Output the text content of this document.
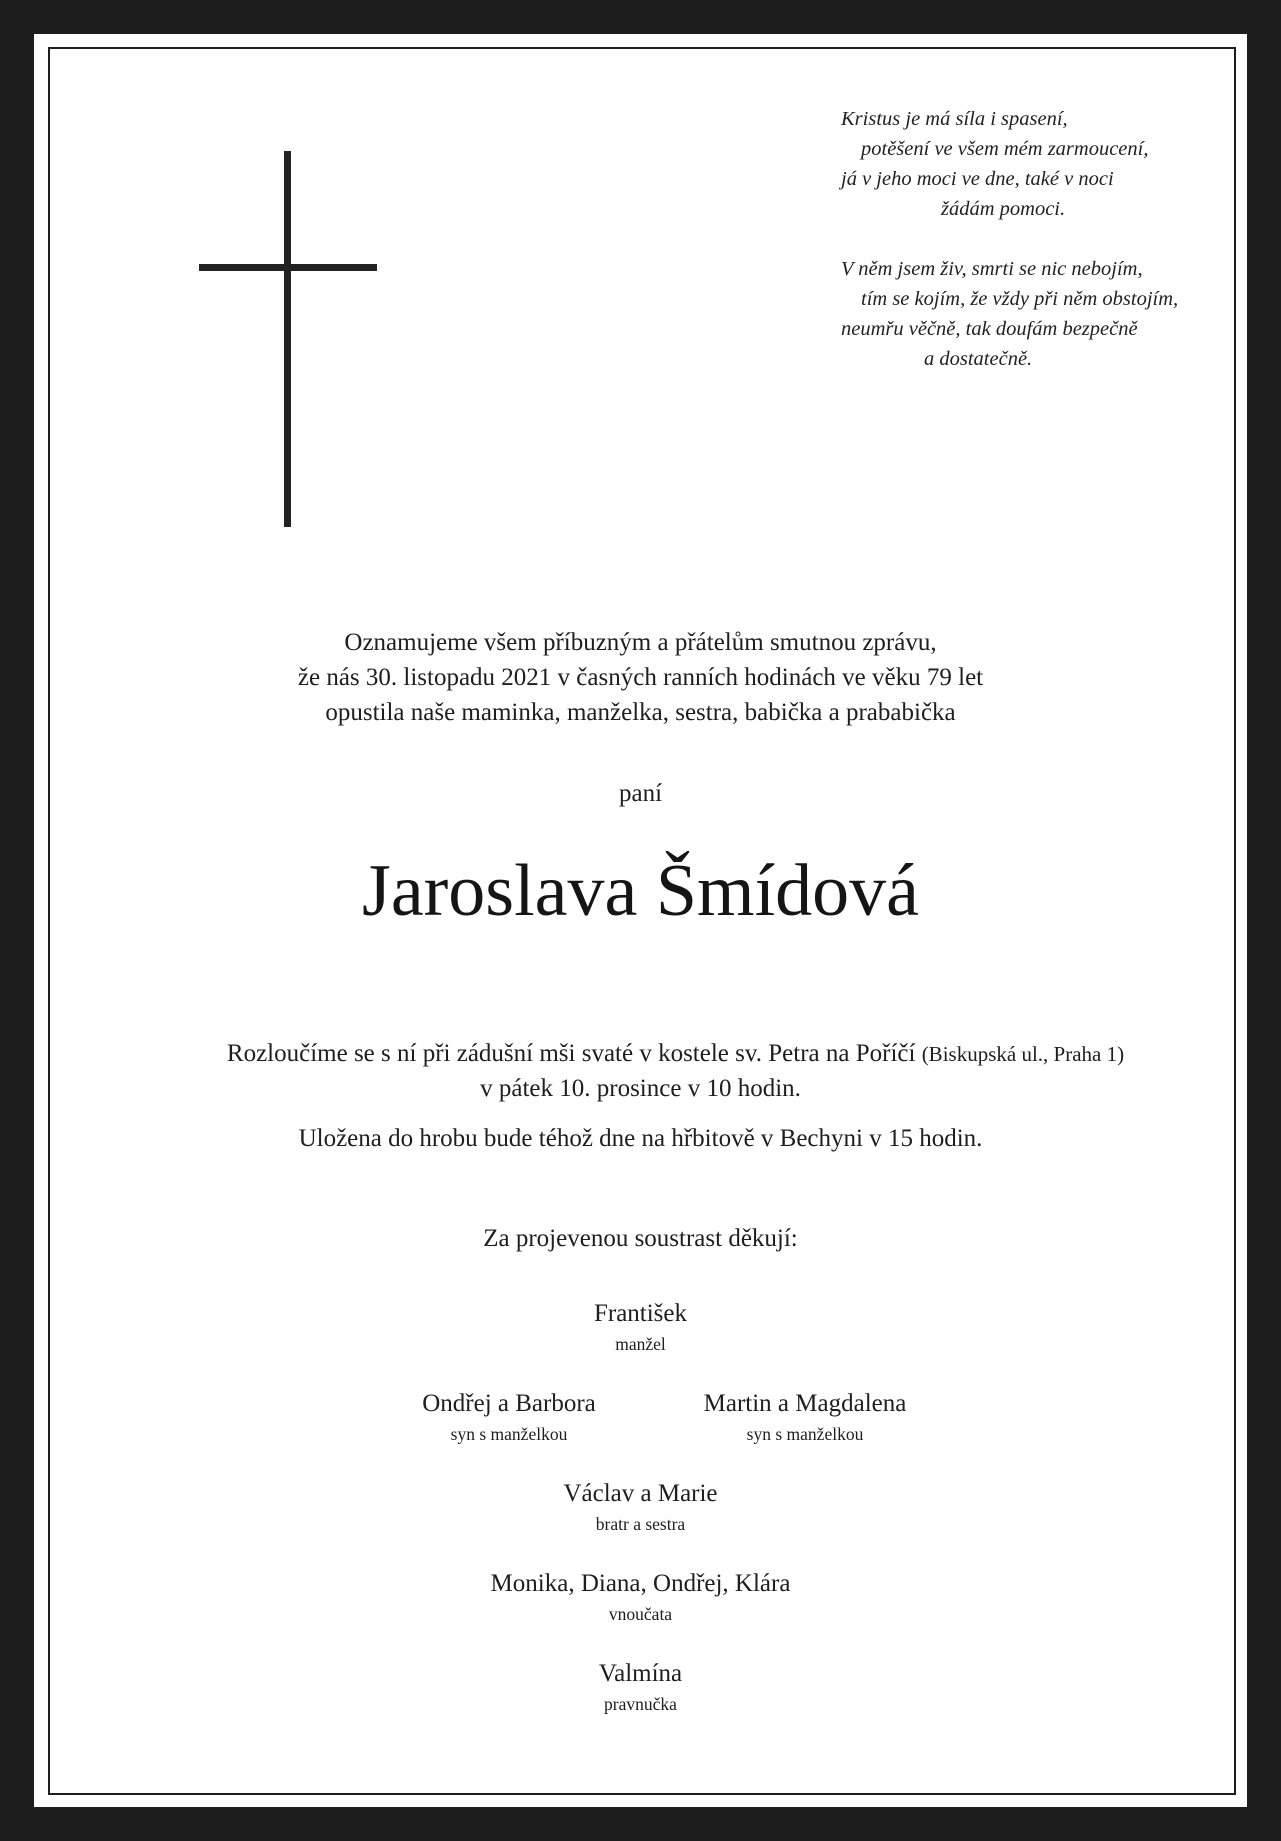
Kristus je má síla i spasení,
potěšení ve všem mém zarmoucení,
já v jeho moci ve dne, také v noci
žádám pomoci.
V něm jsem živ, smrti se nic nebojím,
tím se kojím, že vždy při něm obstojím,
neumřu věčně, tak doufám bezpečně
a dostatečně.
Oznamujeme všem příbuzným a přátelům smutnou zprávu,
že nás 30. listopadu 2021 v časných ranních hodinách ve věku 79 let
opustila naše maminka, manželka, sestra, babička a prababička
paní
Jaroslava Šmídová
Rozloučíme se s ní při zádušní mši svaté v kostele sv. Petra na Poříčí (Biskupská ul., Praha 1)
v pátek 10. prosince v 10 hodin.
Uložena do hrobu bude téhož dne na hřbitově v Bechyni v 15 hodin.
Za projevenou soustrast děkují:
František
manžel
Ondřej a Barbora
syn s manželkou
Martin a Magdalena
syn s manželkou
Václav a Marie
bratr a sestra
Monika, Diana, Ondřej, Klára
vnoučata
Valmína
pravnučka
